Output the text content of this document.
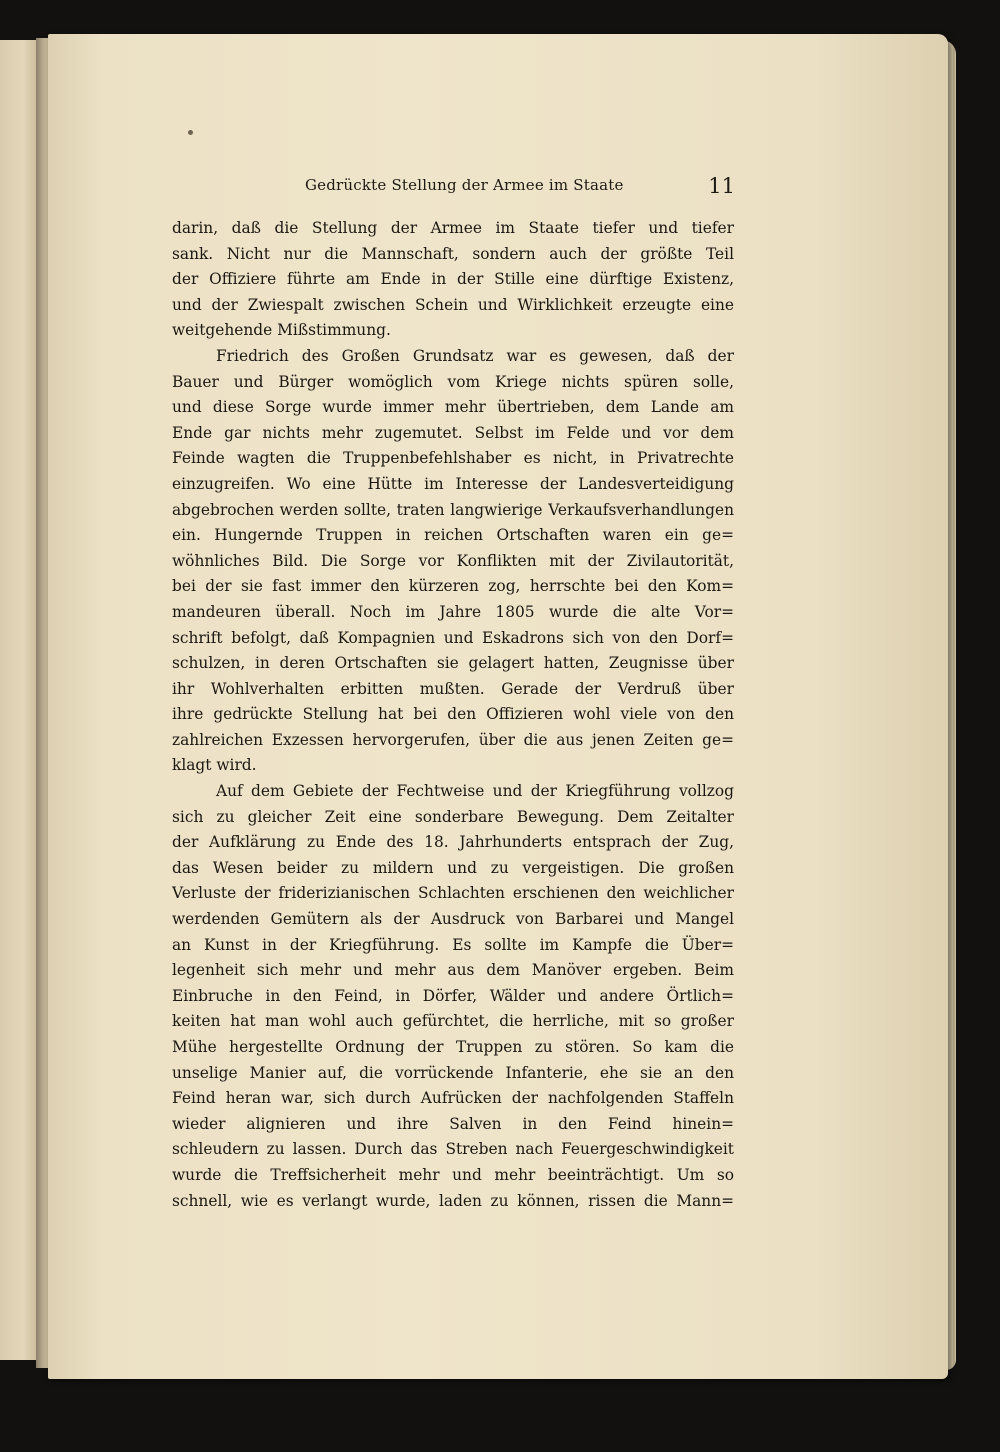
Gedrückte Stellung der Armee im Staate	11
darin, daß die Stellung der Armee im Staate tiefer und tiefer
sank. Nicht nur die Mannschaft, sondern auch der größte Teil
der Offiziere führte am Ende in der Stille eine dürftige Existenz,
und der Zwiespalt zwischen Schein und Wirklichkeit erzeugte eine
weitgehende Mißstimmung.
Friedrich des Großen Grundsatz war es gewesen, daß der
Bauer und Bürger womöglich vom Kriege nichts spüren solle,
und diese Sorge wurde immer mehr übertrieben, dem Lande am
Ende gar nichts mehr zugemutet. Selbst im Felde und vor dem
Feinde wagten die Truppenbefehlshaber es nicht, in Privatrechte
einzugreifen. Wo eine Hütte im Interesse der Landesverteidigung
abgebrochen werden sollte, traten langwierige Verkaufsverhandlungen
ein. Hungernde Truppen in reichen Ortschaften waren ein ge=
wöhnliches Bild. Die Sorge vor Konflikten mit der Zivilautorität,
bei der sie fast immer den kürzeren zog, herrschte bei den Kom=
mandeuren überall. Noch im Jahre 1805 wurde die alte Vor=
schrift befolgt, daß Kompagnien und Eskadrons sich von den Dorf=
schulzen, in deren Ortschaften sie gelagert hatten, Zeugnisse über
ihr Wohlverhalten erbitten mußten. Gerade der Verdruß über
ihre gedrückte Stellung hat bei den Offizieren wohl viele von den
zahlreichen Exzessen hervorgerufen, über die aus jenen Zeiten ge=
klagt wird.
Auf dem Gebiete der Fechtweise und der Kriegführung vollzog
sich zu gleicher Zeit eine sonderbare Bewegung. Dem Zeitalter
der Aufklärung zu Ende des 18. Jahrhunderts entsprach der Zug,
das Wesen beider zu mildern und zu vergeistigen. Die großen
Verluste der friderizianischen Schlachten erschienen den weichlicher
werdenden Gemütern als der Ausdruck von Barbarei und Mangel
an Kunst in der Kriegführung. Es sollte im Kampfe die Über=
legenheit sich mehr und mehr aus dem Manöver ergeben. Beim
Einbruche in den Feind, in Dörfer, Wälder und andere Örtlich=
keiten hat man wohl auch gefürchtet, die herrliche, mit so großer
Mühe hergestellte Ordnung der Truppen zu stören. So kam die
unselige Manier auf, die vorrückende Infanterie, ehe sie an den
Feind heran war, sich durch Aufrücken der nachfolgenden Staffeln
wieder alignieren und ihre Salven in den Feind hinein=
schleudern zu lassen. Durch das Streben nach Feuergeschwindigkeit
wurde die Treffsicherheit mehr und mehr beeinträchtigt. Um so
schnell, wie es verlangt wurde, laden zu können, rissen die Mann=
